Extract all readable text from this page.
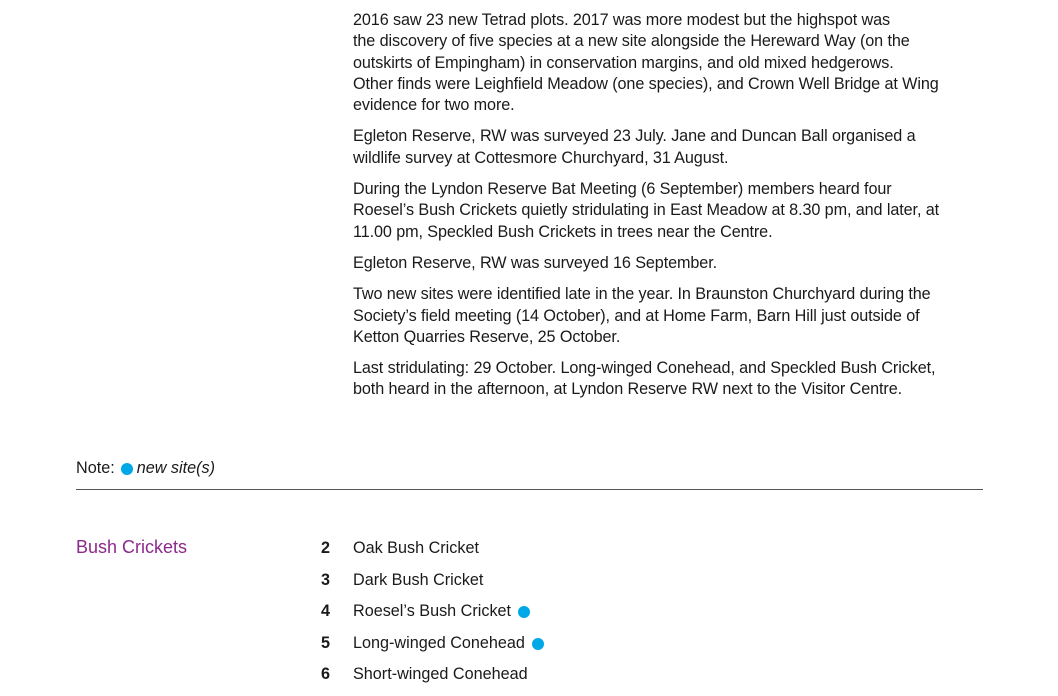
2016 saw 23 new Tetrad plots. 2017 was more modest but the highspot was
the discovery of five species at a new site alongside the Hereward Way (on the
outskirts of Empingham) in conservation margins, and old mixed hedgerows.
Other finds were Leighfield Meadow (one species), and Crown Well Bridge at Wing
evidence for two more.

Egleton Reserve, RW was surveyed 23 July. Jane and Duncan Ball organised a
wildlife survey at Cottesmore Churchyard, 31 August.

During the Lyndon Reserve Bat Meeting (6 September) members heard four
Roesel’s Bush Crickets quietly stridulating in East Meadow at 8.30 pm, and later, at
11.00 pm, Speckled Bush Crickets in trees near the Centre.

Egleton Reserve, RW was surveyed 16 September.

Two new sites were identified late in the year. In Braunston Churchyard during the
Society’s field meeting (14 October), and at Home Farm, Barn Hill just outside of
Ketton Quarries Reserve, 25 October.

Last stridulating: 29 October. Long-winged Conehead, and Speckled Bush Cricket,
both heard in the afternoon, at Lyndon Reserve RW next to the Visitor Centre.

Note: new site(s)
Bush Crickets	2 Oak Bush Cricket
3 Dark Bush Cricket
4 Roesel’s Bush Cricket
5 Long-winged Conehead
6 Short-winged Conehead
